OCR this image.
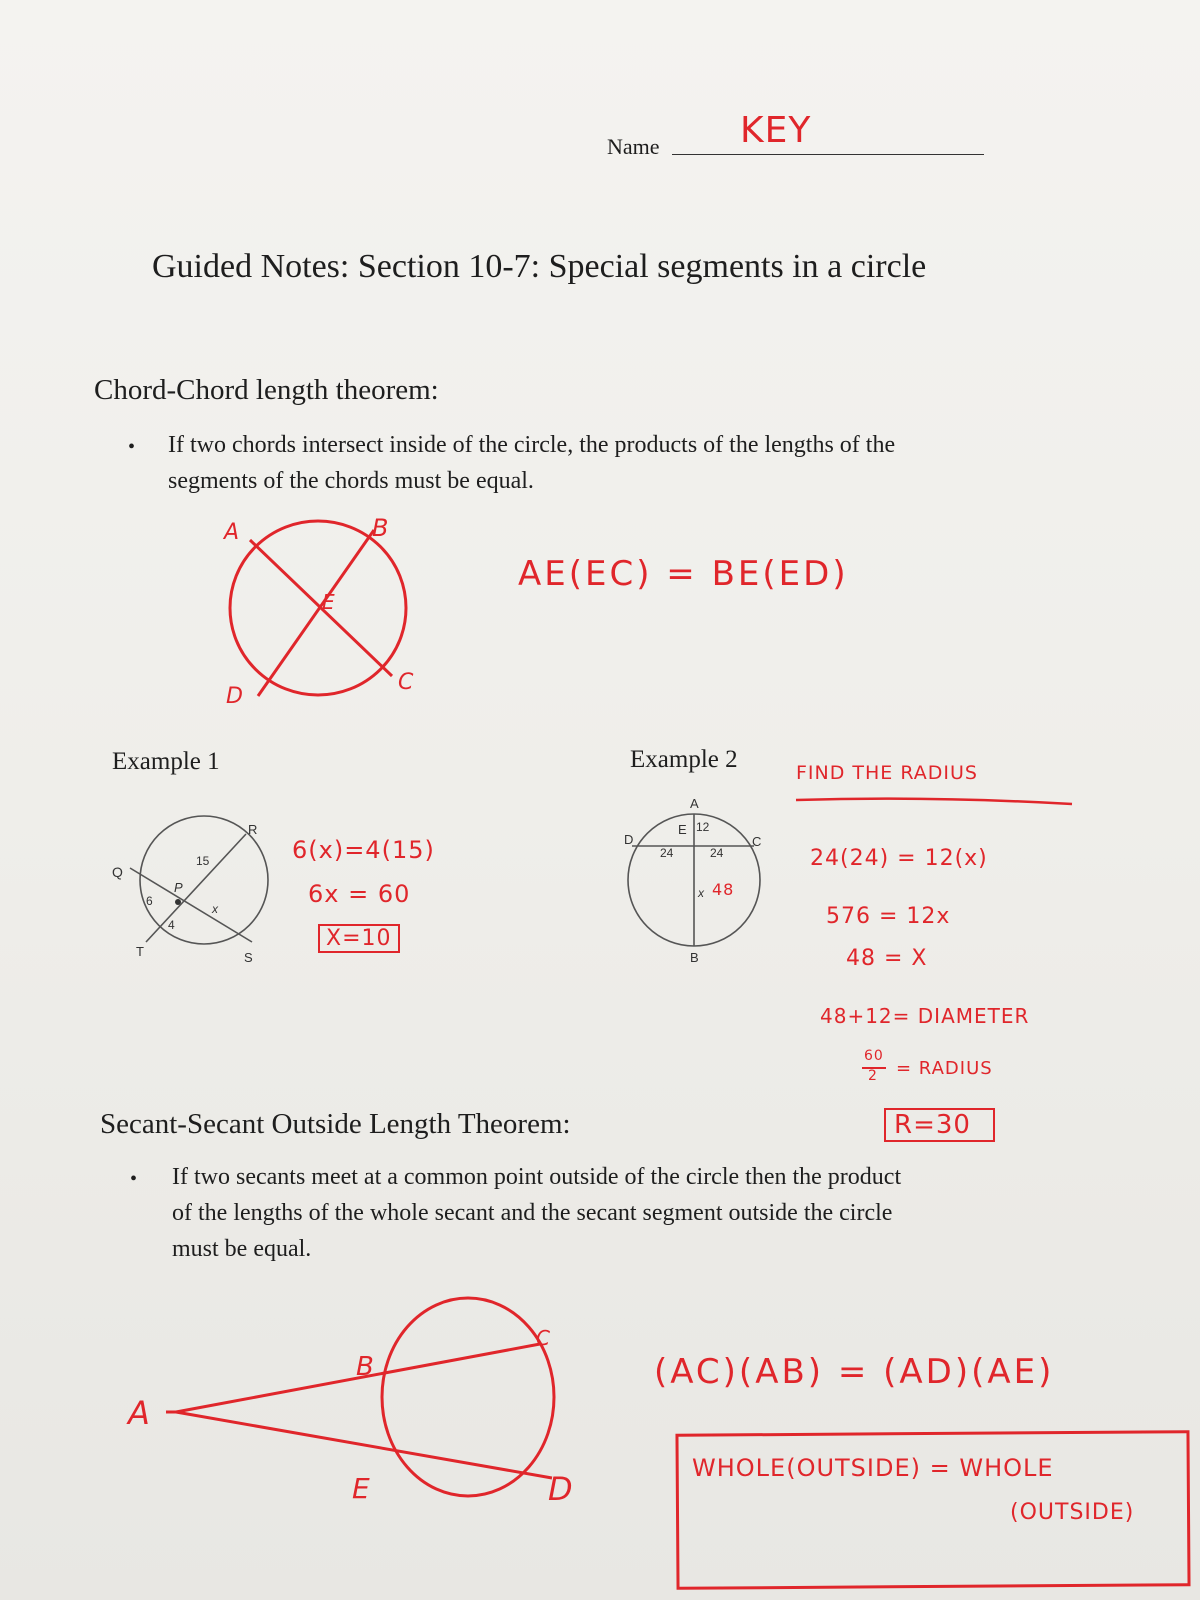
Name KEY
Guided Notes: Section 10-7: Special segments in a circle
Chord-Chord length theorem:
• If two chords intersect inside of the circle, the products of the lengths of the
segments of the chords must be equal.
A	B
C
D
E
AE(EC) = BE(ED)
Example 1
Q
R
S
T
P
15
6
4
x
6(x)=4(15)
6x = 60
X=10
Example 2	FIND THE RADIUS
A
B
C
D
E 12
24	24
x 48
24(24) = 12(x)
576 = 12x
48 = X
48+12= DIAMETER
60
2 = RADIUS
R=30
Secant-Secant Outside Length Theorem:
• If two secants meet at a common point outside of the circle then the product
of the lengths of the whole secant and the secant segment outside the circle
must be equal.
A
B
C
D
E
(AC)(AB) = (AD)(AE)
WHOLE(OUTSIDE) = WHOLE
(OUTSIDE)
